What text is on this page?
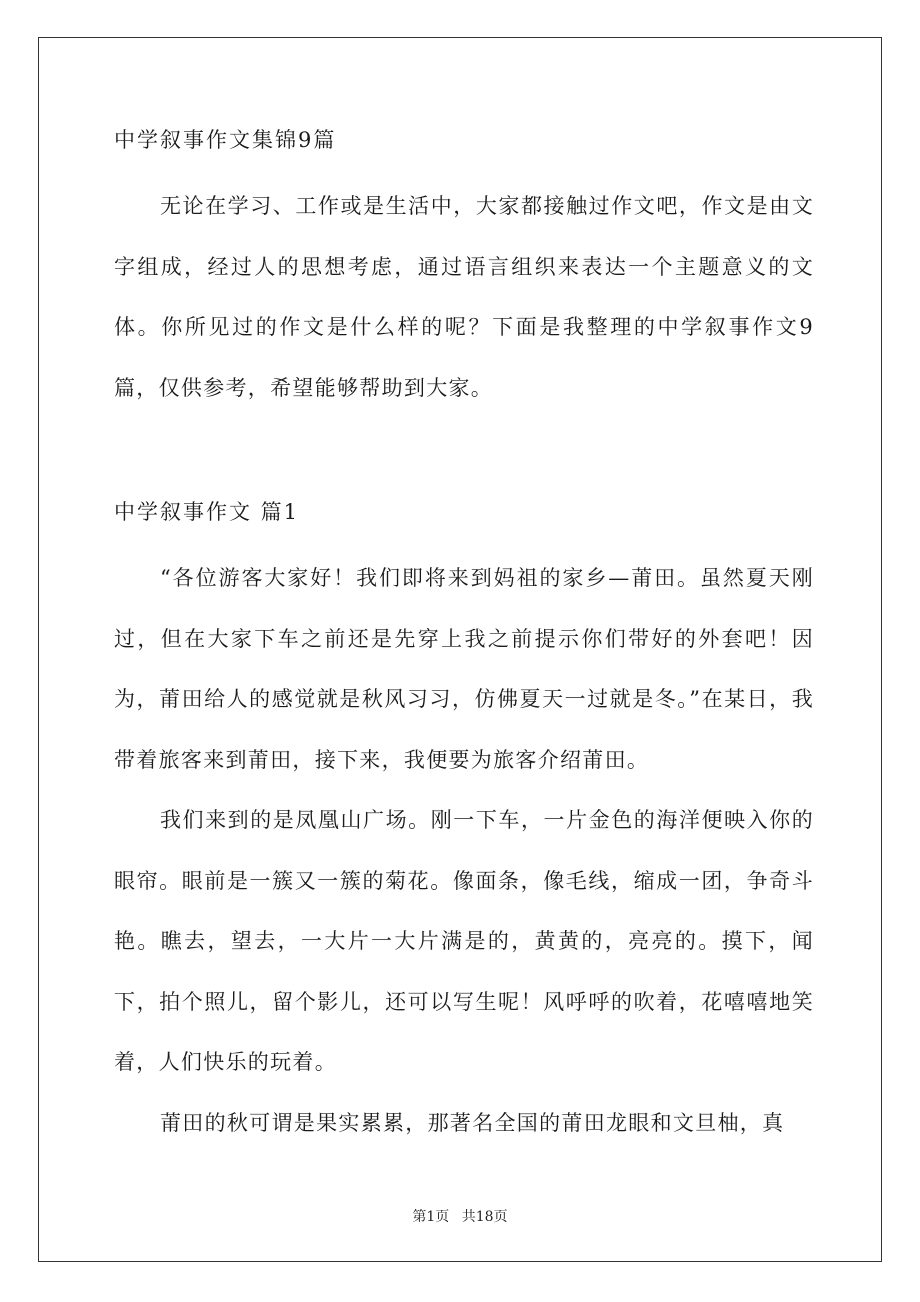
中学叙事作文集锦9篇

无论在学习、工作或是生活中，大家都接触过作文吧，作文是由文字组成，经过人的思想考虑，通过语言组织来表达一个主题意义的文体。你所见过的作文是什么样的呢？下面是我整理的中学叙事作文9篇，仅供参考，希望能够帮助到大家。

中学叙事作文 篇1

“各位游客大家好！我们即将来到妈祖的家乡—莆田。虽然夏天刚过，但在大家下车之前还是先穿上我之前提示你们带好的外套吧！因为，莆田给人的感觉就是秋风习习，仿佛夏天一过就是冬。”在某日，我带着旅客来到莆田，接下来，我便要为旅客介绍莆田。

我们来到的是凤凰山广场。刚一下车，一片金色的海洋便映入你的眼帘。眼前是一簇又一簇的菊花。像面条，像毛线，缩成一团，争奇斗艳。瞧去，望去，一大片一大片满是的，黄黄的，亮亮的。摸下，闻下，拍个照儿，留个影儿，还可以写生呢！风呼呼的吹着，花嘻嘻地笑着，人们快乐的玩着。

莆田的秋可谓是果实累累，那著名全国的莆田龙眼和文旦柚，真

第1页 共18页
